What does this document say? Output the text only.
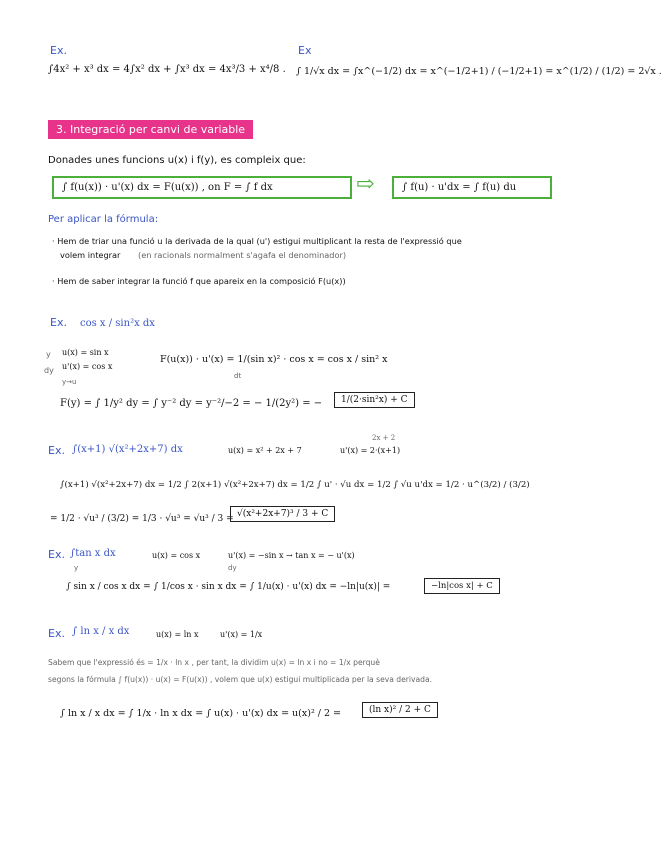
Ex.
∫4x² + x³ dx = 4∫x² dx + ∫x³ dx = 4x³/3 + x⁴/8 .
Ex
∫ 1/√x dx = ∫x^(−1/2) dx = x^(−1/2+1) / (−1/2+1) = x^(1/2) / (1/2) = 2√x .
3. Integració per canvi de variable
Donades unes funcions u(x) i f(y), es compleix que:
∫ f(u(x)) · u'(x) dx = F(u(x)) , on F = ∫ f dx	⇨	∫ f(u) · u'dx = ∫ f(u) du
Per aplicar la fórmula:
· Hem de triar una funció u la derivada de la qual (u') estigui multiplicant la resta de l'expressió que
volem integrar (en racionals normalment s'agafa el denominador)
· Hem de saber integrar la funció f que apareix en la composició F(u(x))
Ex. cos x / sin²x dx
y
dy
u(x) = sin x
u'(x) = cos x
y→u
F(u(x)) · u'(x) = 1/(sin x)² · cos x = cos x / sin² x
dt
F(y) = ∫ 1/y² dy = ∫ y⁻² dy = y⁻²/−2 = − 1/(2y²) = −	1/(2·sin²x) + C
Ex. ∫(x+1) √(x²+2x+7) dx	u(x) = x² + 2x + 7
2x + 2
u'(x) = 2·(x+1)
∫(x+1) √(x²+2x+7) dx = 1/2 ∫ 2(x+1) √(x²+2x+7) dx = 1/2 ∫ u' · √u dx = 1/2 ∫ √u u'dx = 1/2 · u^(3/2) / (3/2)
= 1/2 · √u³ / (3/2) = 1/3 · √u³ = √u³ / 3 = √(x²+2x+7)³ / 3 + C
Ex. ∫tan x dx	u(x) = cos x	u'(x) = −sin x → tan x = − u'(x)
y	dy
∫ sin x / cos x dx = ∫ 1/cos x · sin x dx = ∫ 1/u(x) · u'(x) dx = −ln|u(x)| =	−ln|cos x| + C
Ex. ∫ ln x / x dx	u(x) = ln x	u'(x) = 1/x
Sabem que l'expressió és = 1/x · ln x , per tant, la dividim u(x) = ln x i no = 1/x perquè
segons la fórmula ∫ f(u(x)) · u(x) = F(u(x)) , volem que u(x) estigui multiplicada per la seva derivada.
∫ ln x / x dx = ∫ 1/x · ln x dx = ∫ u(x) · u'(x) dx = u(x)² / 2 =	(ln x)² / 2 + C
